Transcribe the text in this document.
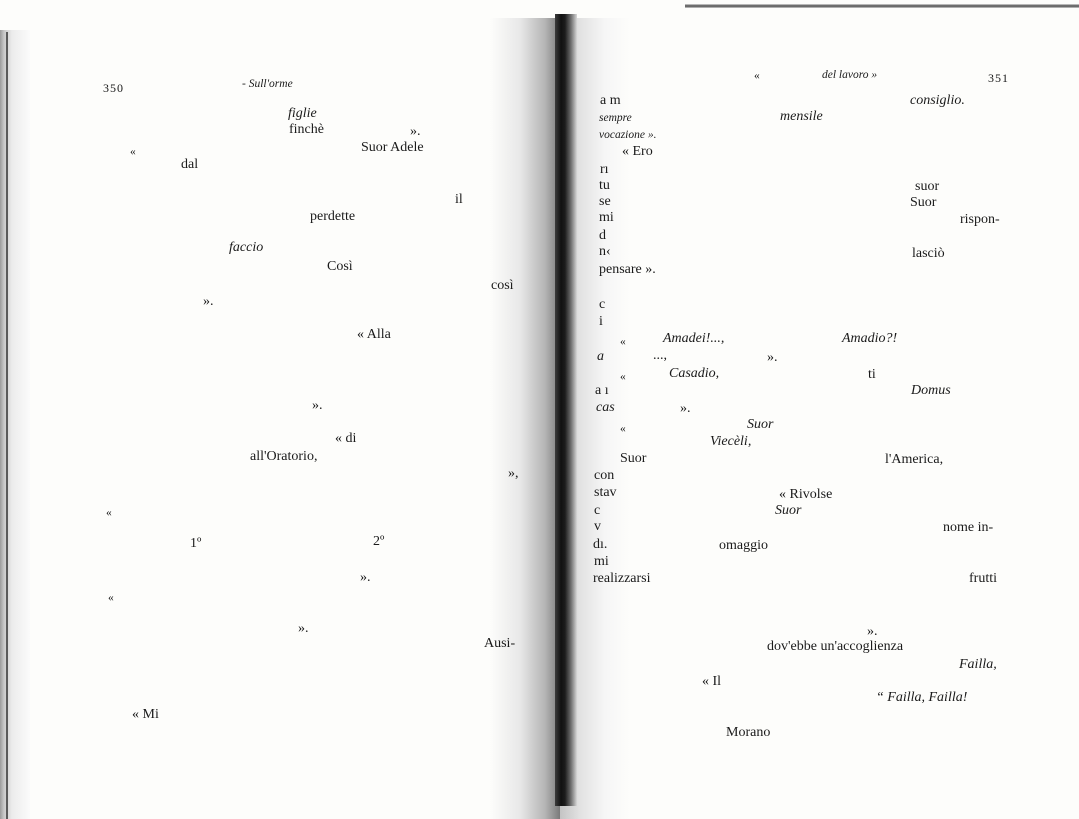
350	- Sull'orme
figlie
finchè	».
«	Suor Adele
dal
il
perdette
faccio
Così
così
».
« Alla
».
« di
all'Oratorio,
»,
«
1º	2º
».
«
».
Ausi-
« Mi
«	del lavoro »	351
a m	consiglio.
sempre	mensile
vocazione ».
« Ero
rı
tu	suor
se	Suor
mi	rispon-
d
n‹	lasciò
pensare ».
c
i
«	Amadei!...,	Amadio?!
a	...,	».
«	Casadio,	ti
a ı	Domus
cas	».
«	Suor
Viecèli,
Suor	l'America,
con
stav	« Rivolse
c	Suor
v	nome in-
dı.	omaggio
mi
realizzarsi	frutti
».
dov'ebbe un'accoglienza
Failla,
« Il
“ Failla, Failla!
Morano
